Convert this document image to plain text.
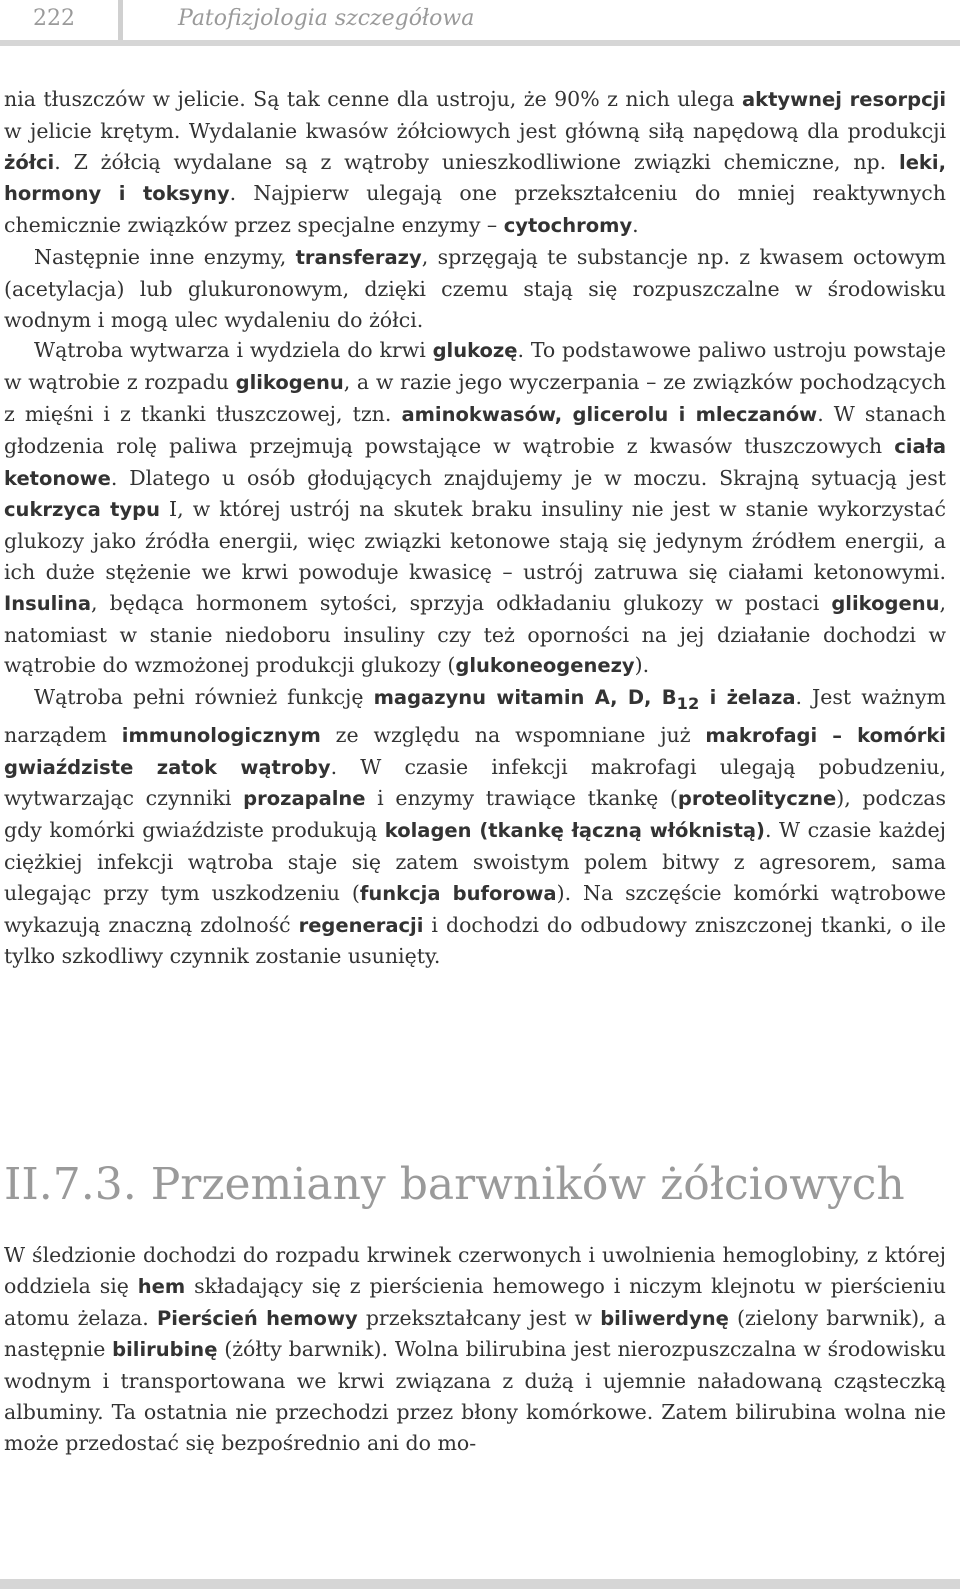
222	Patofizjologia szczegółowa

nia tłuszczów w jelicie. Są tak cenne dla ustroju, że 90% z nich ulega aktywnej resorpcji w jelicie krętym. Wydalanie kwasów żółciowych jest główną siłą napędową dla produkcji żółci. Z żółcią wydalane są z wątroby unieszkodliwione związki chemiczne, np. leki, hormony i toksyny. Najpierw ulegają one przekształceniu do mniej reaktywnych chemicznie związków przez specjalne enzymy – cytochromy.

Następnie inne enzymy, transferazy, sprzęgają te substancje np. z kwasem octowym (acetylacja) lub glukuronowym, dzięki czemu stają się rozpuszczalne w środowisku wodnym i mogą ulec wydaleniu do żółci.

Wątroba wytwarza i wydziela do krwi glukozę. To podstawowe paliwo ustroju powstaje w wątrobie z rozpadu glikogenu, a w razie jego wyczerpania – ze związków pochodzących z mięśni i z tkanki tłuszczowej, tzn. aminokwasów, glicerolu i mleczanów. W stanach głodzenia rolę paliwa przejmują powstające w wątrobie z kwasów tłuszczowych ciała ketonowe. Dlatego u osób głodujących znajdujemy je w moczu. Skrajną sytuacją jest cukrzyca typu I, w której ustrój na skutek braku insuliny nie jest w stanie wykorzystać glukozy jako źródła energii, więc związki ketonowe stają się jedynym źródłem energii, a ich duże stężenie we krwi powoduje kwasicę – ustrój zatruwa się ciałami ketonowymi. Insulina, będąca hormonem sytości, sprzyja odkładaniu glukozy w postaci glikogenu, natomiast w stanie niedoboru insuliny czy też oporności na jej działanie dochodzi w wątrobie do wzmożonej produkcji glukozy (glukoneogenezy).

Wątroba pełni również funkcję magazynu witamin A, D, $B_{12}$ i żelaza. Jest ważnym narządem immunologicznym ze względu na wspomniane już makrofagi – komórki gwiaździste zatok wątroby. W czasie infekcji makrofagi ulegają pobudzeniu, wytwarzając czynniki prozapalne i enzymy trawiące tkankę (proteolityczne), podczas gdy komórki gwiaździste produkują kolagen (tkankę łączną włóknistą). W czasie każdej ciężkiej infekcji wątroba staje się zatem swoistym polem bitwy z agresorem, sama ulegając przy tym uszkodzeniu (funkcja buforowa). Na szczęście komórki wątrobowe wykazują znaczną zdolność regeneracji i dochodzi do odbudowy zniszczonej tkanki, o ile tylko szkodliwy czynnik zostanie usunięty.

II.7.3. Przemiany barwników żółciowych

W śledzionie dochodzi do rozpadu krwinek czerwonych i uwolnienia hemoglobiny, z której oddziela się hem składający się z pierścienia hemowego i niczym klejnotu w pierścieniu atomu żelaza. Pierścień hemowy przekształcany jest w biliwerdynę (zielony barwnik), a następnie bilirubinę (żółty barwnik). Wolna bilirubina jest nierozpuszczalna w środowisku wodnym i transportowana we krwi związana z dużą i ujemnie naładowaną cząsteczką albuminy. Ta ostatnia nie przechodzi przez błony komórkowe. Zatem bilirubina wolna nie może przedostać się bezpośrednio ani do mo-
